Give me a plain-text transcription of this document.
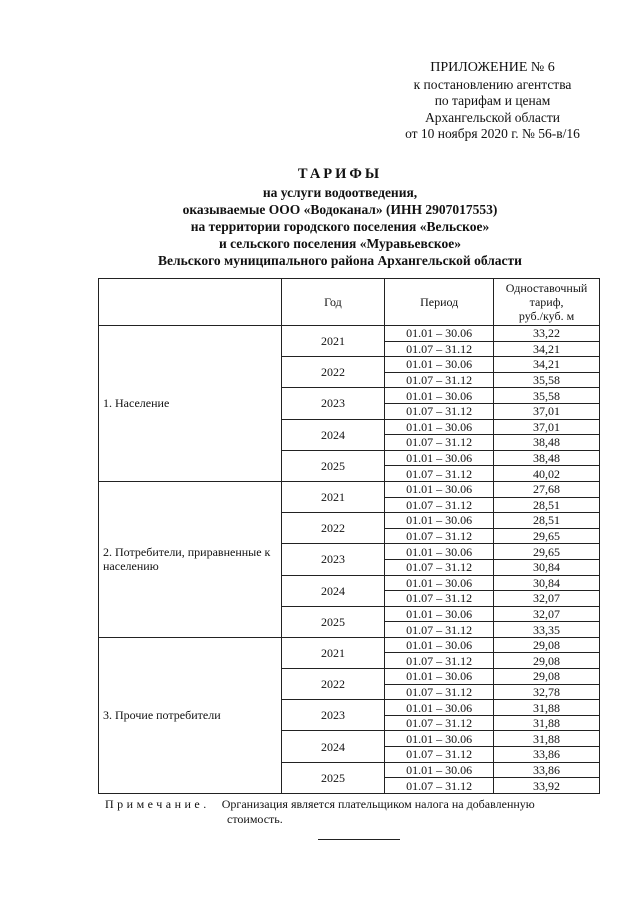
ПРИЛОЖЕНИЕ № 6
к постановлению агентства
по тарифам и ценам
Архангельской области
от 10 ноября 2020 г. № 56-в/16
ТАРИФЫ
на услуги водоотведения,
оказываемые ООО «Водоканал» (ИНН 2907017553)
на территории городского поселения «Вельское»
и сельского поселения «Муравьевское»
Вельского муниципального района Архангельской области
	Год	Период	Одноставочный
тариф,
руб./куб. м

1. Население	2021	01.01 – 30.06	33,22
		01.07 – 31.12	34,21
	2022	01.01 – 30.06	34,21
		01.07 – 31.12	35,58
	2023	01.01 – 30.06	35,58
		01.07 – 31.12	37,01
	2024	01.01 – 30.06	37,01
		01.07 – 31.12	38,48
	2025	01.01 – 30.06	38,48
		01.07 – 31.12	40,02
2. Потребители, приравненные к населению	2021	01.01 – 30.06	27,68
		01.07 – 31.12	28,51
	2022	01.01 – 30.06	28,51
		01.07 – 31.12	29,65
	2023	01.01 – 30.06	29,65
		01.07 – 31.12	30,84
	2024	01.01 – 30.06	30,84
		01.07 – 31.12	32,07
	2025	01.01 – 30.06	32,07
		01.07 – 31.12	33,35
3. Прочие потребители	2021	01.01 – 30.06	29,08
		01.07 – 31.12	29,08
	2022	01.01 – 30.06	29,08
		01.07 – 31.12	32,78
	2023	01.01 – 30.06	31,88
		01.07 – 31.12	31,88
	2024	01.01 – 30.06	31,88
		01.07 – 31.12	33,86
	2025	01.01 – 30.06	33,86
		01.07 – 31.12	33,92
Примечание. Организация является плательщиком налога на добавленную
стоимость.
